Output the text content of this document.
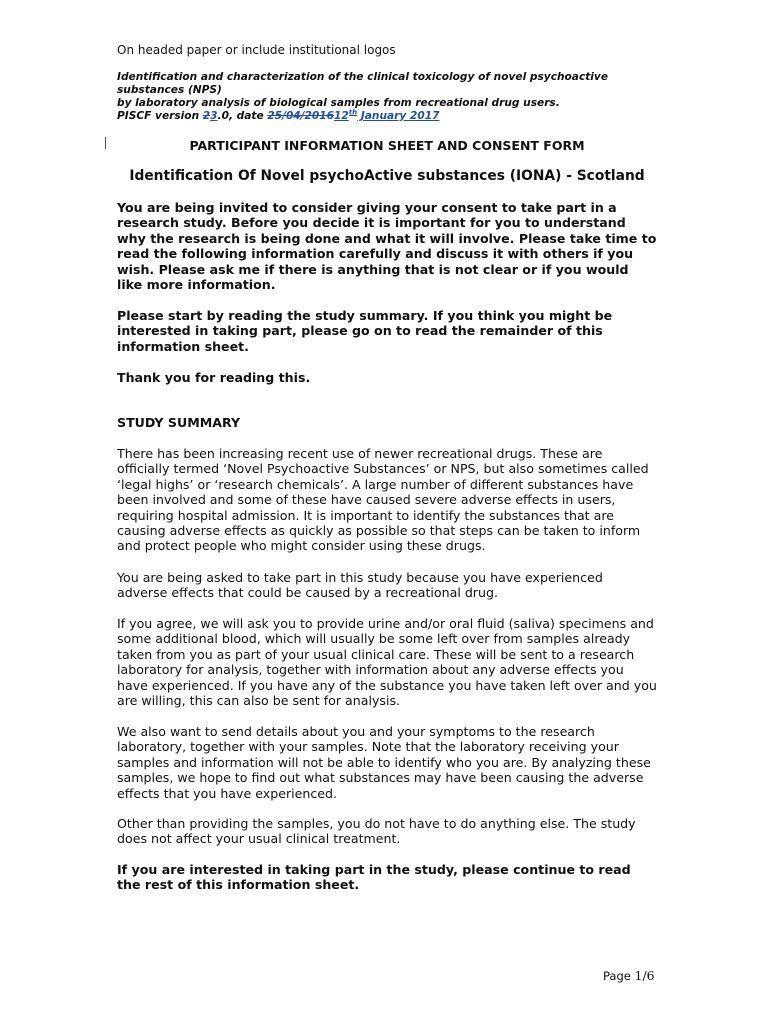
On headed paper or include institutional logos
Identification and characterization of the clinical toxicology of novel psychoactive substances (NPS)
by laboratory analysis of biological samples from recreational drug users.
PISCF version 23.0, date 25/04/201612th January 2017
PARTICIPANT INFORMATION SHEET AND CONSENT FORM
Identification Of Novel psychoActive substances (IONA) - Scotland
You are being invited to consider giving your consent to take part in a research study. Before you decide it is important for you to understand why the research is being done and what it will involve. Please take time to read the following information carefully and discuss it with others if you wish. Please ask me if there is anything that is not clear or if you would like more information.
Please start by reading the study summary. If you think you might be interested in taking part, please go on to read the remainder of this information sheet.
Thank you for reading this.
STUDY SUMMARY
There has been increasing recent use of newer recreational drugs. These are officially termed ‘Novel Psychoactive Substances’ or NPS, but also sometimes called ‘legal highs’ or ‘research chemicals’. A large number of different substances have been involved and some of these have caused severe adverse effects in users, requiring hospital admission. It is important to identify the substances that are causing adverse effects as quickly as possible so that steps can be taken to inform and protect people who might consider using these drugs.
You are being asked to take part in this study because you have experienced adverse effects that could be caused by a recreational drug.
If you agree, we will ask you to provide urine and/or oral fluid (saliva) specimens and some additional blood, which will usually be some left over from samples already taken from you as part of your usual clinical care. These will be sent to a research laboratory for analysis, together with information about any adverse effects you have experienced. If you have any of the substance you have taken left over and you are willing, this can also be sent for analysis.
We also want to send details about you and your symptoms to the research laboratory, together with your samples. Note that the laboratory receiving your samples and information will not be able to identify who you are. By analyzing these samples, we hope to find out what substances may have been causing the adverse effects that you have experienced.
Other than providing the samples, you do not have to do anything else. The study does not affect your usual clinical treatment.
If you are interested in taking part in the study, please continue to read the rest of this information sheet.
Page 1/6
